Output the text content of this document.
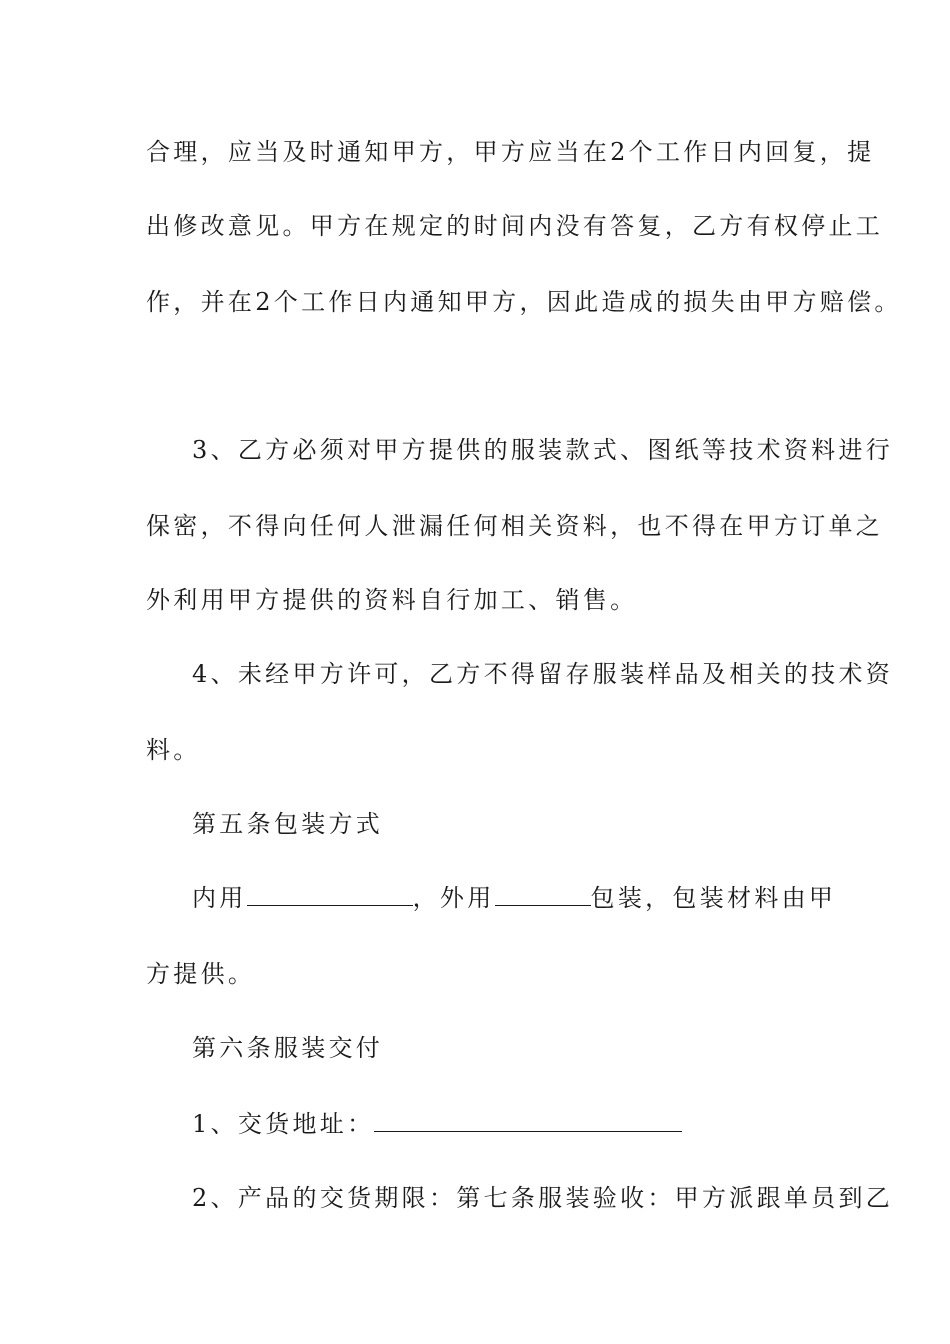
合理，应当及时通知甲方，甲方应当在2个工作日内回复，提
出修改意见。甲方在规定的时间内没有答复，乙方有权停止工
作，并在2个工作日内通知甲方，因此造成的损失由甲方赔偿。
3、乙方必须对甲方提供的服装款式、图纸等技术资料进行
保密，不得向任何人泄漏任何相关资料，也不得在甲方订单之
外利用甲方提供的资料自行加工、销售。
4、未经甲方许可，乙方不得留存服装样品及相关的技术资
料。
第五条包装方式
内用	，外用	包装，包装材料由甲
方提供。
第六条服装交付
1、交货地址：
2、产品的交货期限：第七条服装验收：甲方派跟单员到乙
